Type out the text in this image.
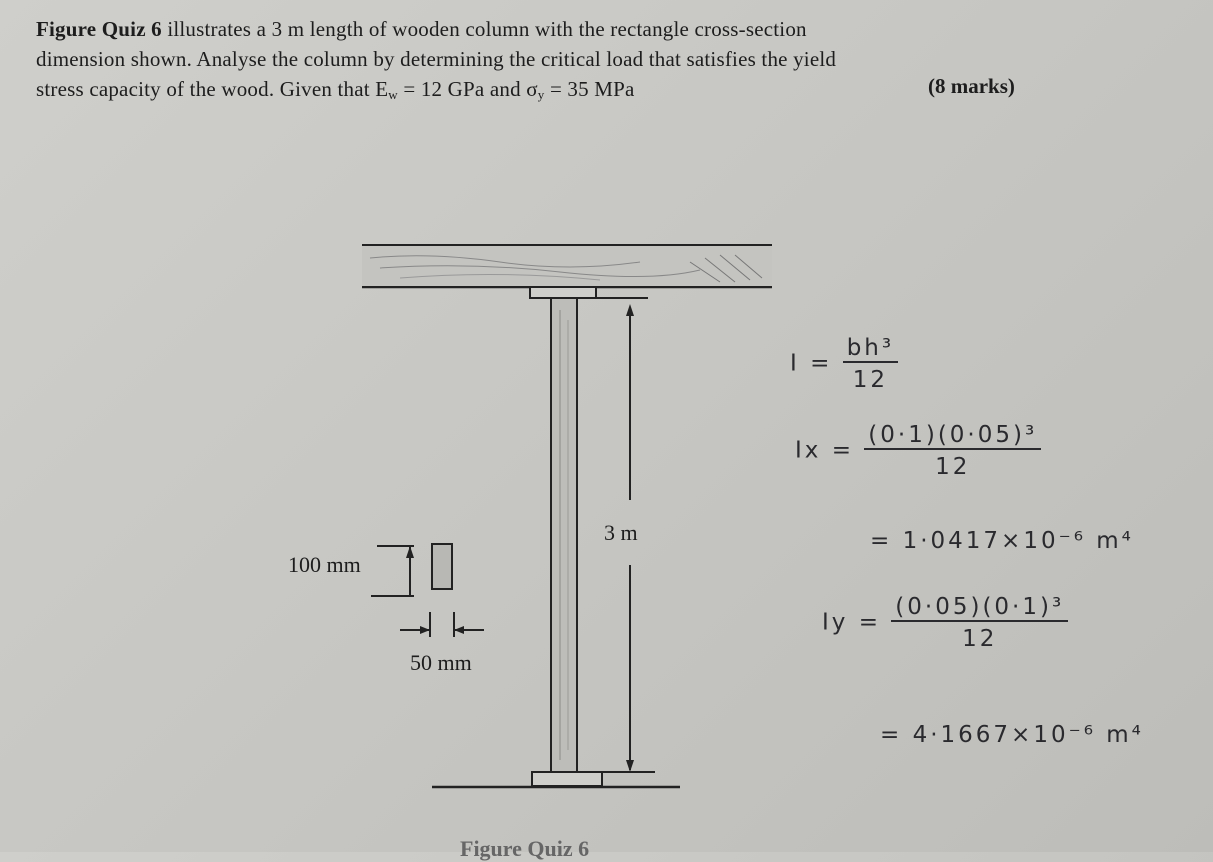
Figure Quiz 6 illustrates a 3 m length of wooden column with the rectangle cross-section
dimension shown. Analyse the column by determining the critical load that satisfies the yield
stress capacity of the wood. Given that $E_w = 12$ GPa and $\sigma_y = 35$ MPa	(8 marks)
3 m
100 mm
50 mm
$I = \frac{\text{bh³}}{12}$
$Ix = \frac{\text{(0·1)(0·05)³}}{12}$
= 1·0417×10⁻⁶ m⁴
$Iy = \frac{\text{(0·05)(0·1)³}}{12}$
= 4·1667×10⁻⁶ m⁴
Figure Quiz 6
